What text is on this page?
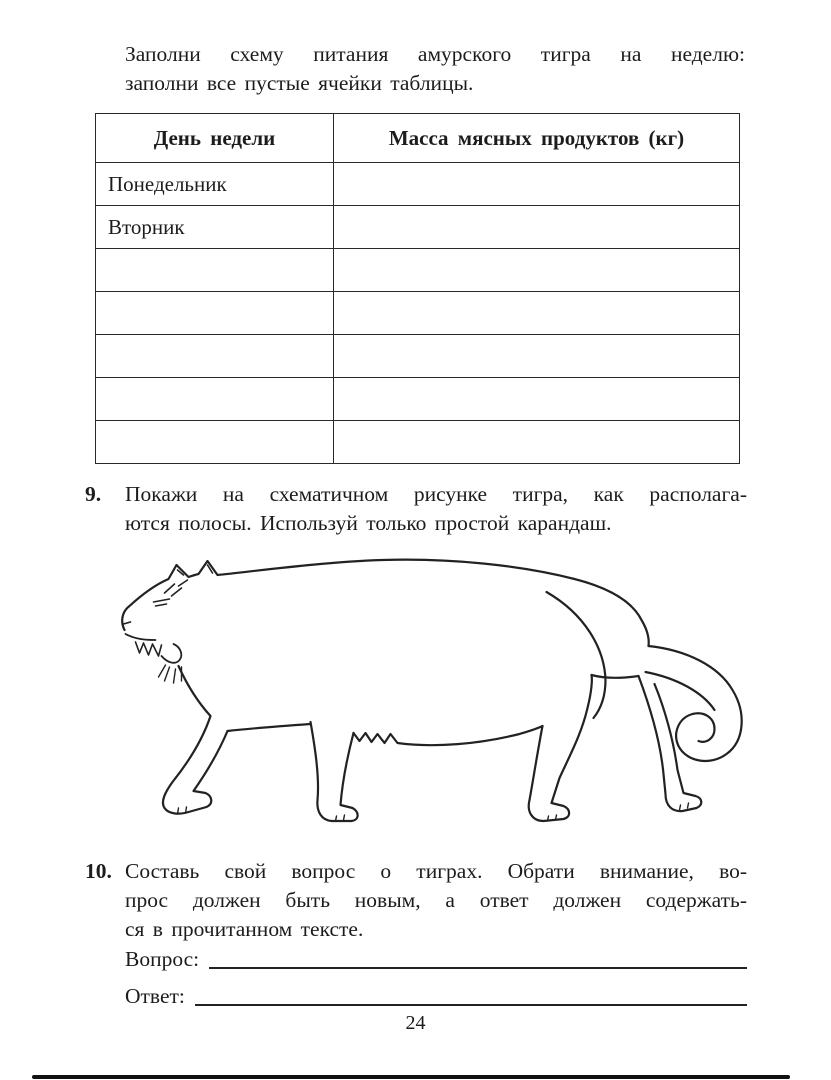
Заполни схему питания амурского тигра на неделю:
заполни все пустые ячейки таблицы.
День недели	Масса мясных продуктов (кг)
Понедельник	
Вторник	

9. Покажи на схематичном рисунке тигра, как располага-
ются полосы. Используй только простой карандаш.
10. Составь свой вопрос о тиграх. Обрати внимание, во-
прос должен быть новым, а ответ должен содержать-
ся в прочитанном тексте.
Вопрос:
Ответ:
24
